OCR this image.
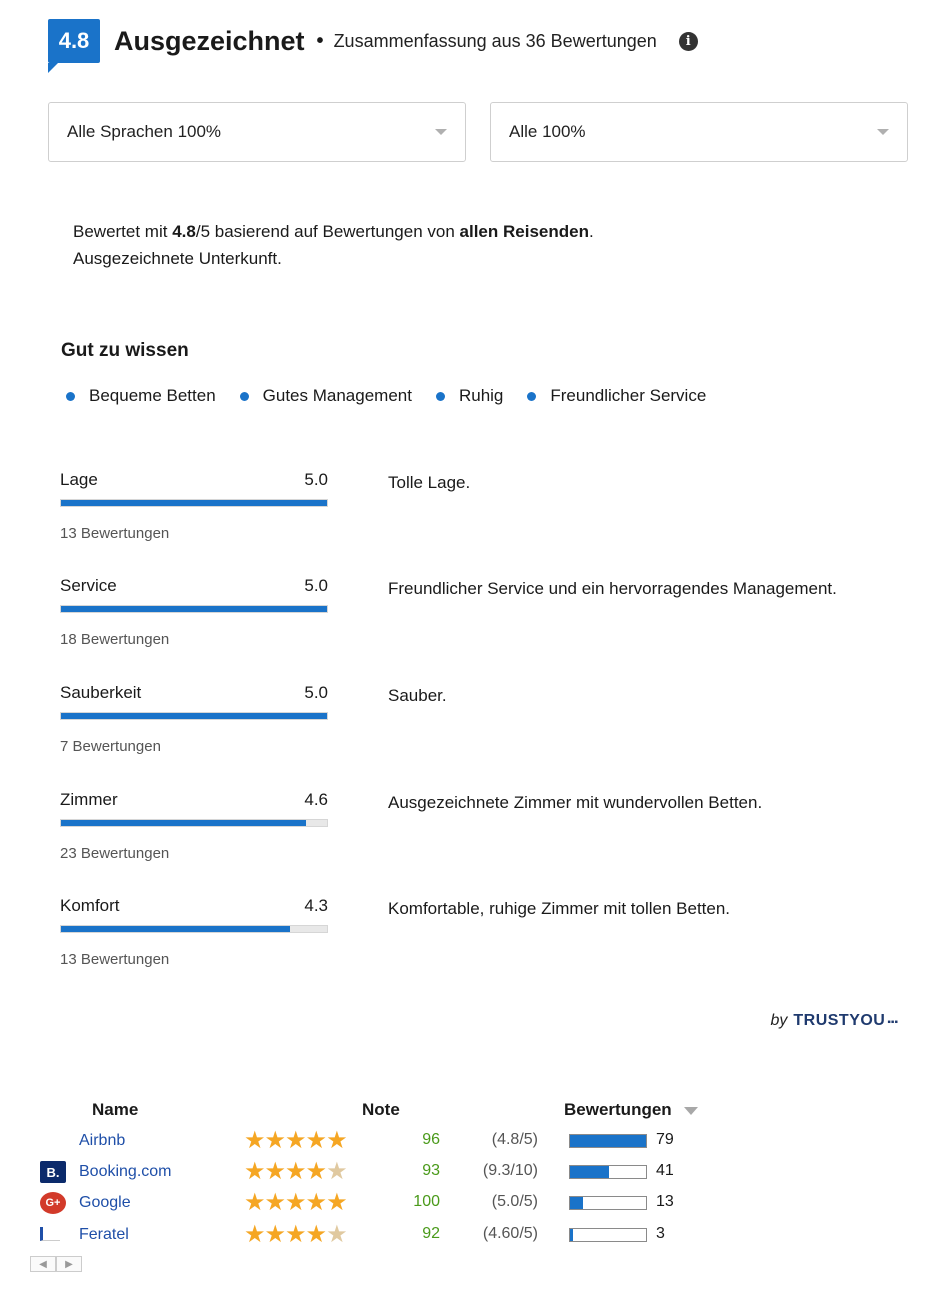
4.8 Ausgezeichnet • Zusammenfassung aus 36 Bewertungen	i
Alle Sprachen 100%	Alle 100%
Bewertet mit 4.8/5 basierend auf Bewertungen von allen Reisenden.
Ausgezeichnete Unterkunft.
Gut zu wissen
Bequeme Betten	Gutes Management	Ruhig	Freundlicher Service
Lage	5.0
13 Bewertungen
Tolle Lage.
Service	5.0
18 Bewertungen
Freundlicher Service und ein hervorragendes Management.
Sauberkeit	5.0
7 Bewertungen
Sauber.
Zimmer	4.6
23 Bewertungen
Ausgezeichnete Zimmer mit wundervollen Betten.
Komfort	4.3
13 Bewertungen
Komfortable, ruhige Zimmer mit tollen Betten.
by TRUSTYOU ▪▪▪
Name	Note	Bewertungen
Airbnb	★★★★★	96	(4.8/5)	79
B.	Booking.com	★★★★★	93	(9.3/10)	41
G+	Google	★★★★★	100	(5.0/5)	13
Feratel	★★★★★	92	(4.60/5)	3
◀	▶
